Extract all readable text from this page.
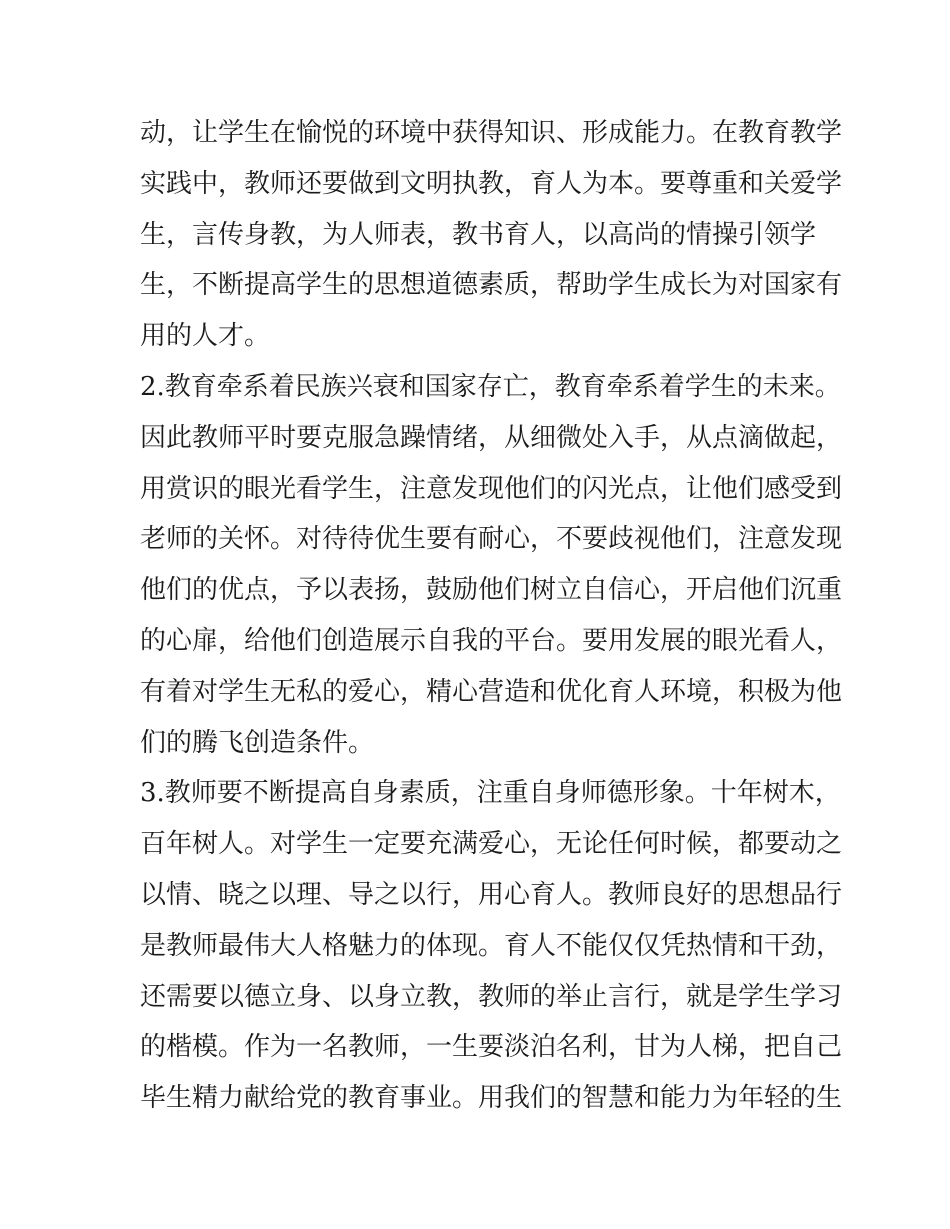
动，让学生在愉悦的环境中获得知识、形成能力。在教育教学
实践中，教师还要做到文明执教，育人为本。要尊重和关爱学
生，言传身教，为人师表，教书育人，以高尚的情操引领学
生，不断提高学生的思想道德素质，帮助学生成长为对国家有
用的人才。
2.教育牵系着民族兴衰和国家存亡，教育牵系着学生的未来。
因此教师平时要克服急躁情绪，从细微处入手，从点滴做起，
用赏识的眼光看学生，注意发现他们的闪光点，让他们感受到
老师的关怀。对待待优生要有耐心，不要歧视他们，注意发现
他们的优点，予以表扬，鼓励他们树立自信心，开启他们沉重
的心扉，给他们创造展示自我的平台。要用发展的眼光看人，
有着对学生无私的爱心，精心营造和优化育人环境，积极为他
们的腾飞创造条件。
3.教师要不断提高自身素质，注重自身师德形象。十年树木，
百年树人。对学生一定要充满爱心，无论任何时候，都要动之
以情、晓之以理、导之以行，用心育人。教师良好的思想品行
是教师最伟大人格魅力的体现。育人不能仅仅凭热情和干劲，
还需要以德立身、以身立教，教师的举止言行，就是学生学习
的楷模。作为一名教师，一生要淡泊名利，甘为人梯，把自己
毕生精力献给党的教育事业。用我们的智慧和能力为年轻的生
